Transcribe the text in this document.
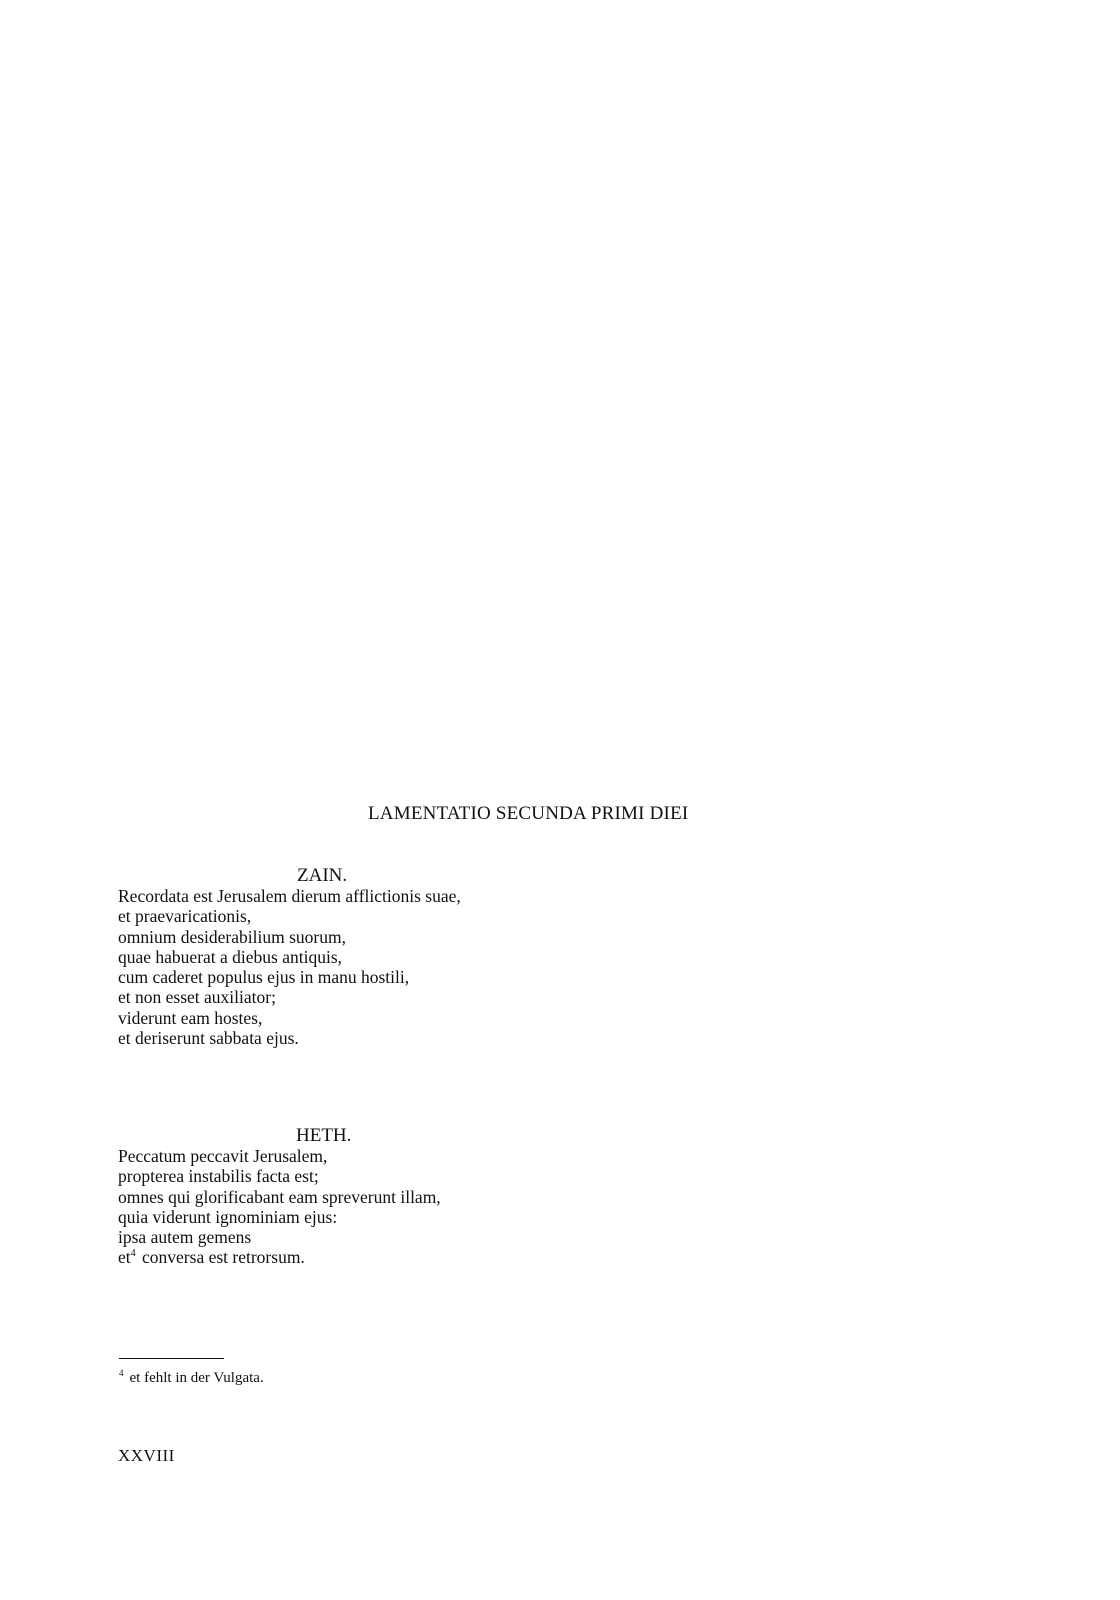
LAMENTATIO SECUNDA PRIMI DIEI
ZAIN.
Recordata est Jerusalem dierum afflictionis suae,
et praevaricationis,
omnium desiderabilium suorum,
quae habuerat a diebus antiquis,
cum caderet populus ejus in manu hostili,
et non esset auxiliator;
viderunt eam hostes,
et deriserunt sabbata ejus.
HETH.
Peccatum peccavit Jerusalem,
propterea instabilis facta est;
omnes qui glorificabant eam spreverunt illam,
quia viderunt ignominiam ejus:
ipsa autem gemens
et$^4$ conversa est retrorsum.
$^4$ et fehlt in der Vulgata.
XXVIII
